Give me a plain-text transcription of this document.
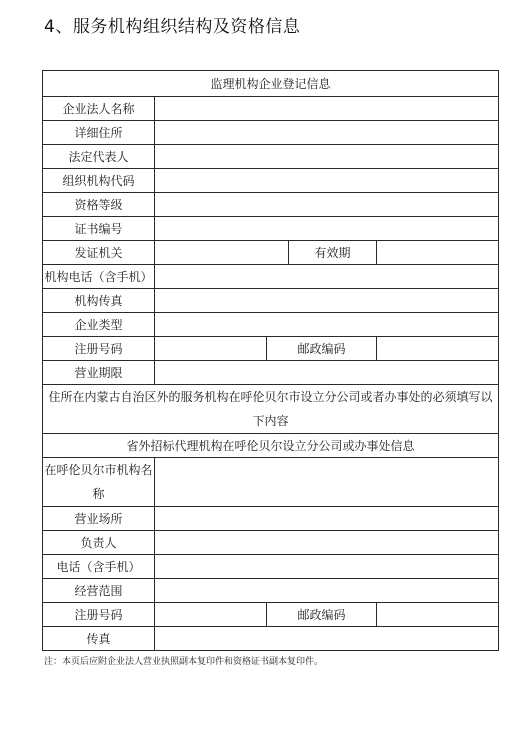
4、服务机构组织结构及资格信息
监理机构企业登记信息				
企业法人名称				
详细住所				
法定代表人				
组织机构代码				
资格等级				
证书编号				
发证机关			有效期	
机构电话（含手机）				
机构传真				
企业类型				
注册号码		邮政编码		
营业期限				
住所在内蒙古自治区外的服务机构在呼伦贝尔市设立分公司或者办事处的必须填写以下内容				
省外招标代理机构在呼伦贝尔设立分公司或办事处信息				
在呼伦贝尔市机构名称				
营业场所				
负责人				
电话（含手机）				
经营范围				
注册号码		邮政编码		
传真				
注：本页后应附企业法人营业执照副本复印件和资格证书副本复印件。
